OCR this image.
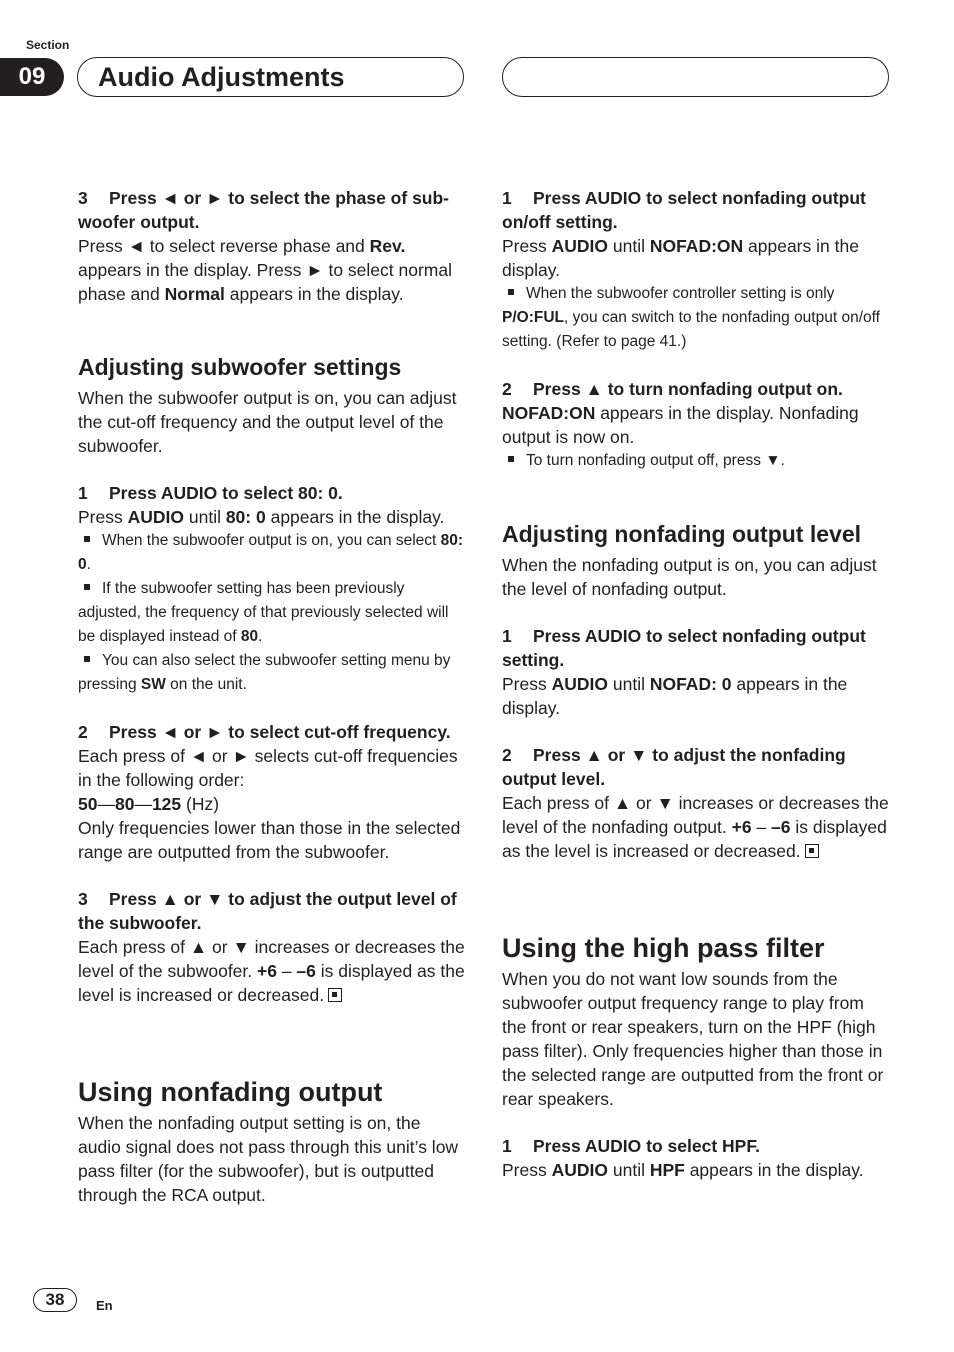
Section
09	Audio Adjustments
3 Press ◄ or ► to select the phase of sub-woofer output.
Press ◄ to select reverse phase and Rev. appears in the display. Press ► to select normal phase and Normal appears in the display.
Adjusting subwoofer settings
When the subwoofer output is on, you can adjust the cut-off frequency and the output level of the subwoofer.
1 Press AUDIO to select 80: 0.
Press AUDIO until 80: 0 appears in the display.
When the subwoofer output is on, you can select 80: 0.
If the subwoofer setting has been previously adjusted, the frequency of that previously selected will be displayed instead of 80.
You can also select the subwoofer setting menu by pressing SW on the unit.
2 Press ◄ or ► to select cut-off frequency.
Each press of ◄ or ► selects cut-off frequencies in the following order:
50—80—125 (Hz)
Only frequencies lower than those in the selected range are outputted from the subwoofer.
3 Press ▲ or ▼ to adjust the output level of the subwoofer.
Each press of ▲ or ▼ increases or decreases the level of the subwoofer. +6 – –6 is displayed as the level is increased or decreased.
Using nonfading output
When the nonfading output setting is on, the audio signal does not pass through this unit’s low pass filter (for the subwoofer), but is outputted through the RCA output.
1 Press AUDIO to select nonfading output on/off setting.
Press AUDIO until NOFAD:ON appears in the display.
When the subwoofer controller setting is only P/O:FUL, you can switch to the nonfading output on/off setting. (Refer to page 41.)
2 Press ▲ to turn nonfading output on.
NOFAD:ON appears in the display. Nonfading output is now on.
To turn nonfading output off, press ▼.
Adjusting nonfading output level
When the nonfading output is on, you can adjust the level of nonfading output.
1 Press AUDIO to select nonfading output setting.
Press AUDIO until NOFAD: 0 appears in the display.
2 Press ▲ or ▼ to adjust the nonfading output level.
Each press of ▲ or ▼ increases or decreases the level of the nonfading output. +6 – –6 is displayed as the level is increased or decreased.
Using the high pass filter
When you do not want low sounds from the subwoofer output frequency range to play from the front or rear speakers, turn on the HPF (high pass filter). Only frequencies higher than those in the selected range are outputted from the front or rear speakers.
1 Press AUDIO to select HPF.
Press AUDIO until HPF appears in the display.
38	En
